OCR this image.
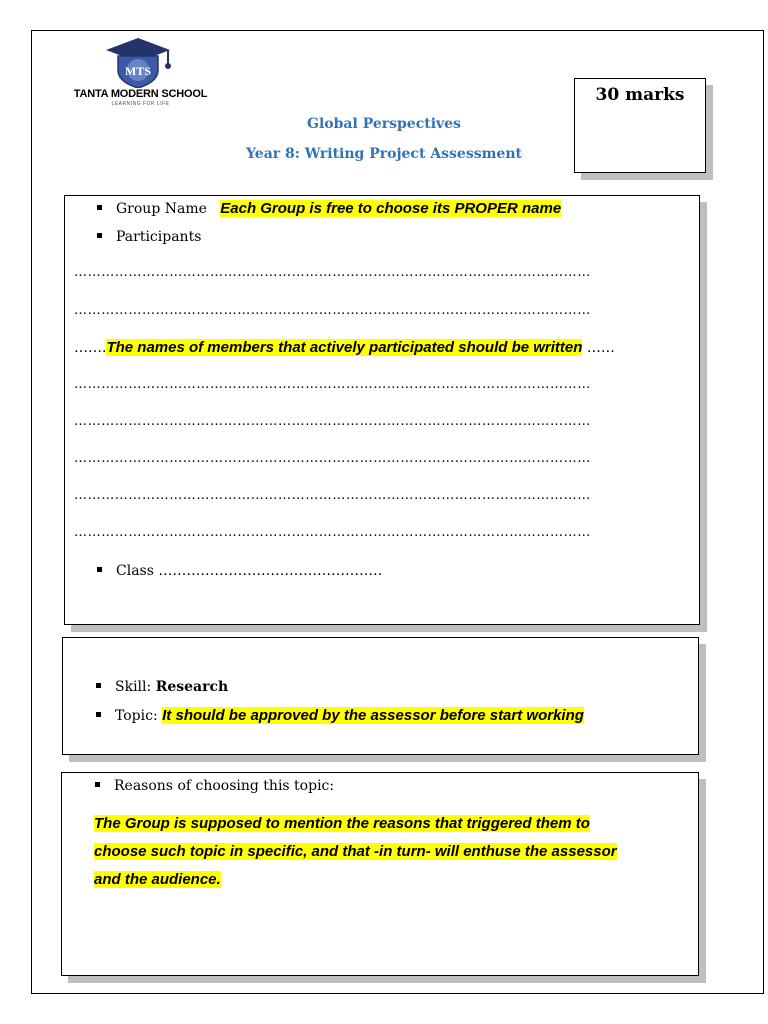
MTS
TANTA MODERN SCHOOL
LEARNING FOR LIFE
Global Perspectives
Year 8: Writing Project Assessment
30 marks
Group Name Each Group is free to choose its PROPER name
Participants
……………………………………………………………………………………………………
……………………………………………………………………………………………………
…….The names of members that actively participated should be written ……
……………………………………………………………………………………………………
……………………………………………………………………………………………………
……………………………………………………………………………………………………
……………………………………………………………………………………………………
……………………………………………………………………………………………………
Class …………………………………………
Skill: Research
Topic: It should be approved by the assessor before start working
Reasons of choosing this topic:
The Group is supposed to mention the reasons that triggered them to
choose such topic in specific, and that -in turn- will enthuse the assessor
and the audience.
